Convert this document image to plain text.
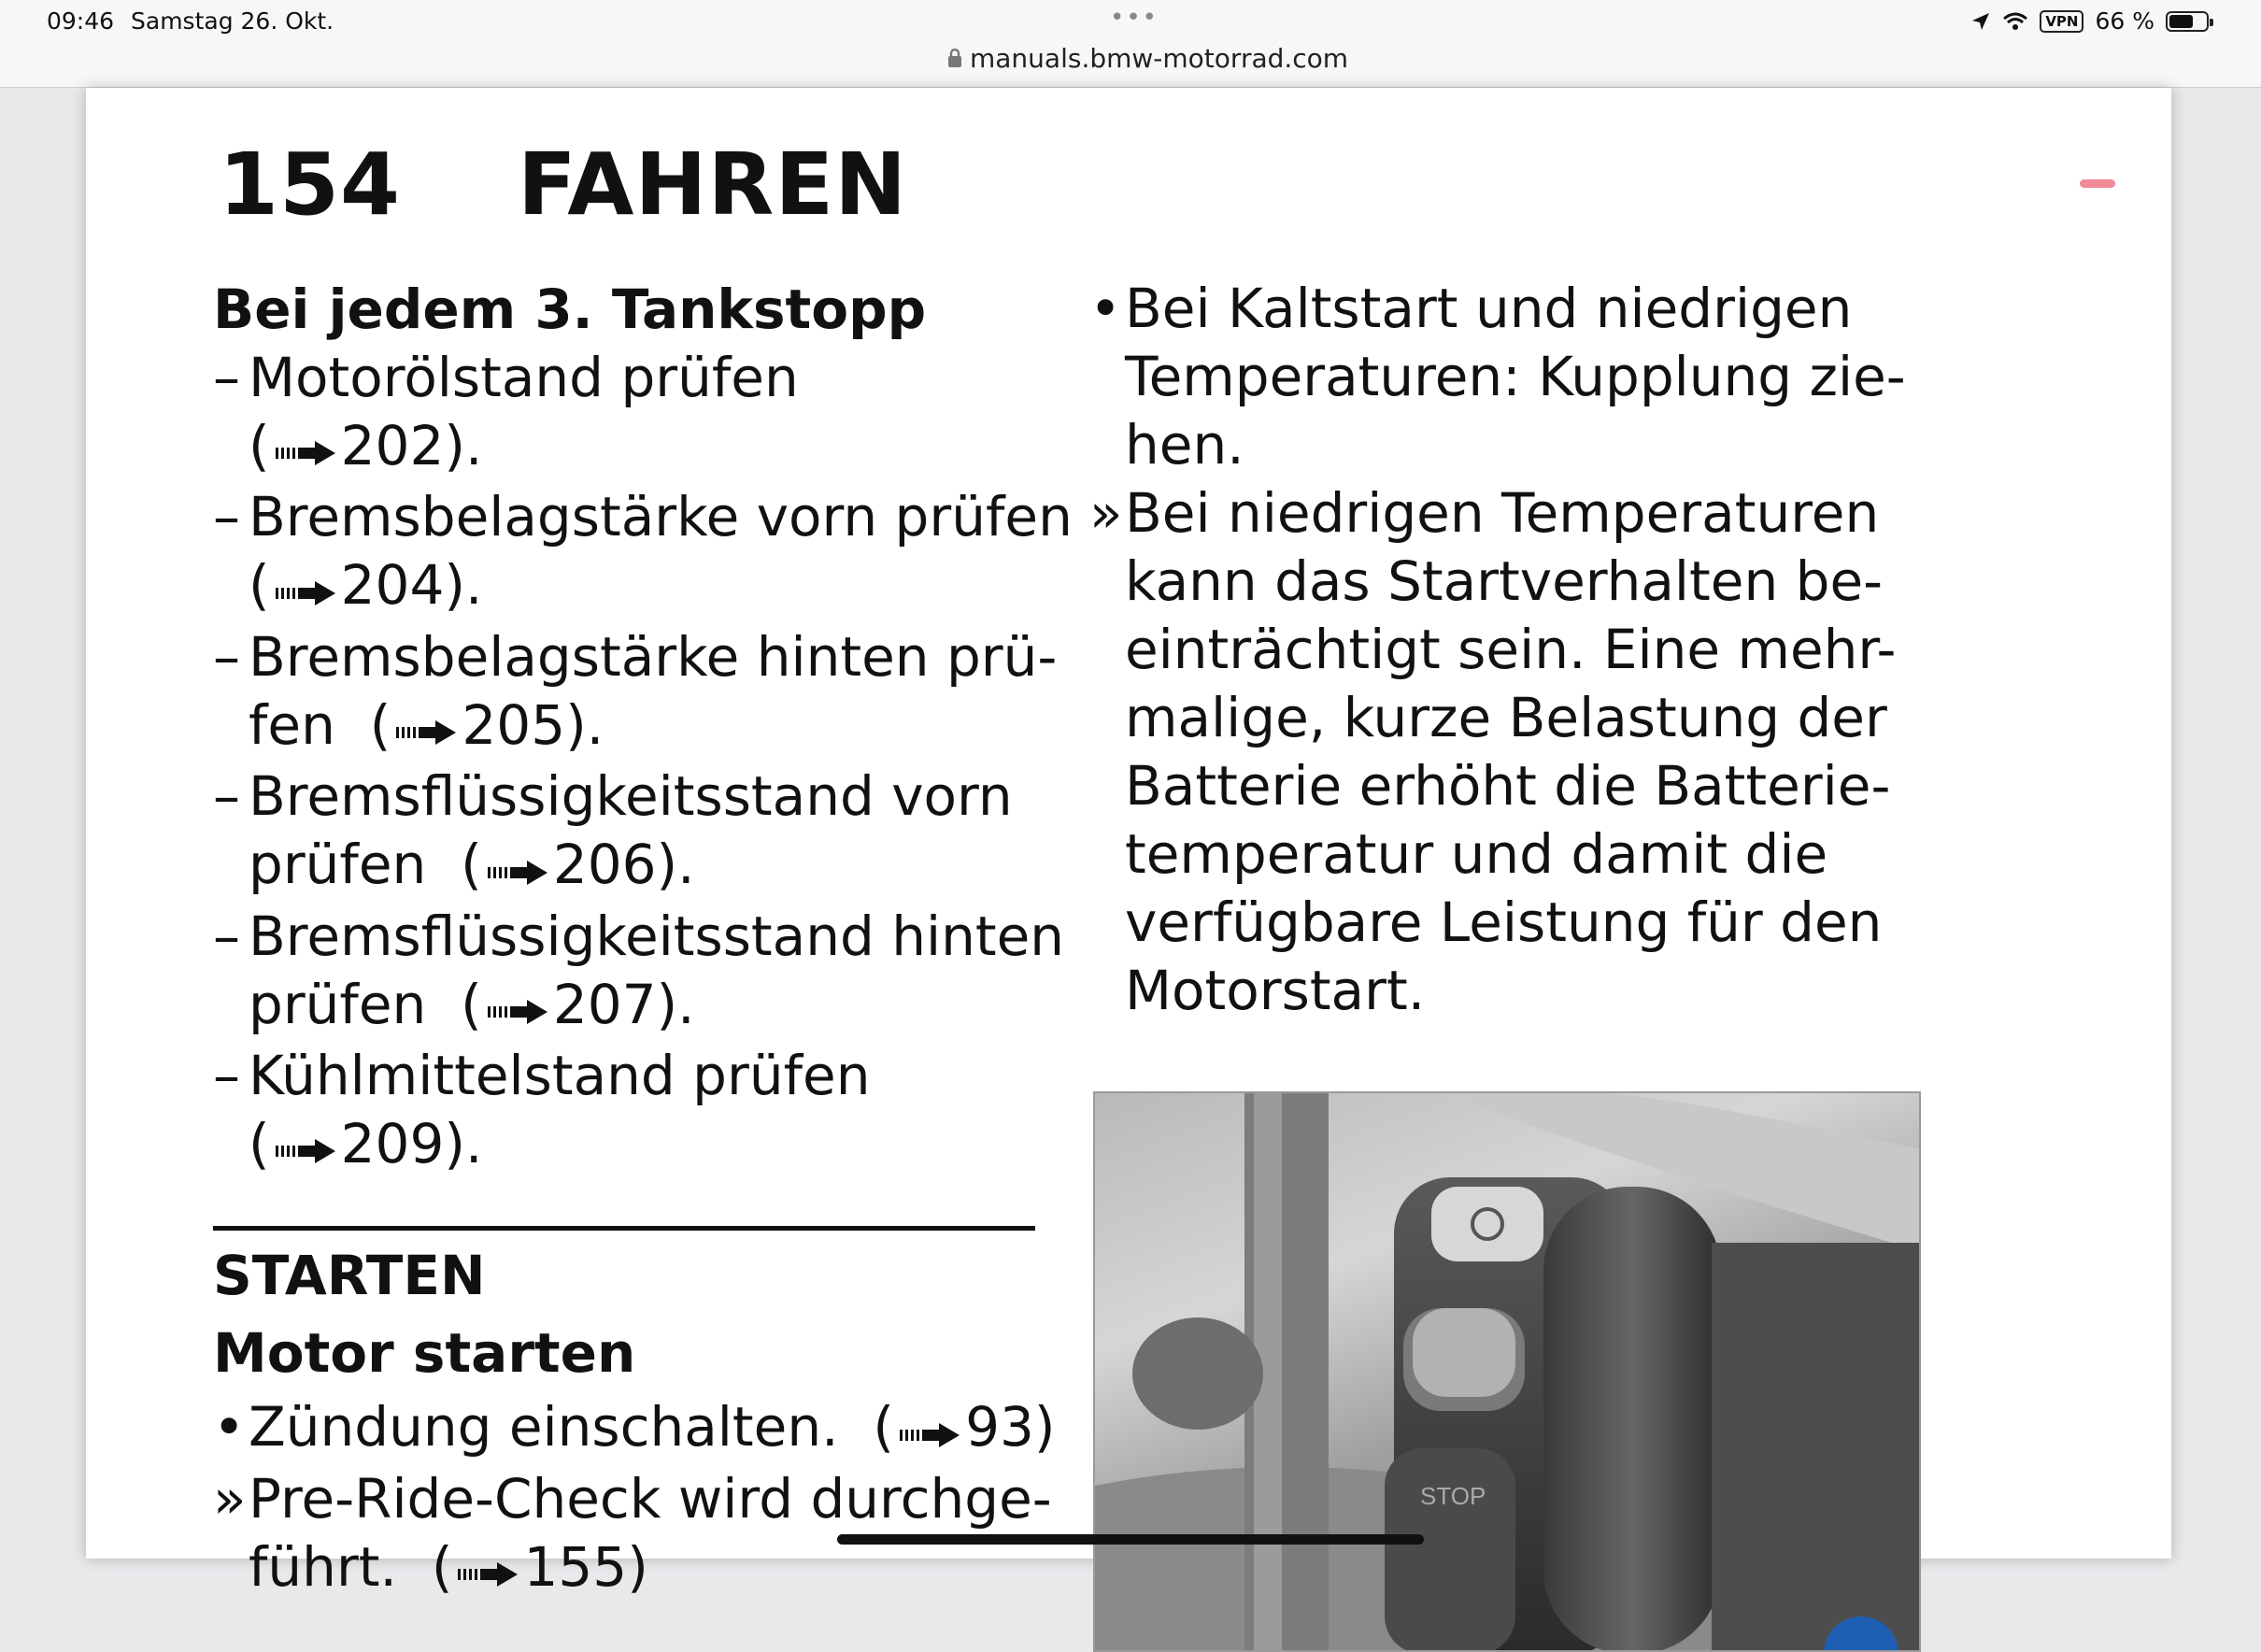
09:46 Samstag 26. Okt.	•••
manuals.bmw-motorrad.com
VPN 66 %
154 FAHREN
Bei jedem 3. Tankstopp
– Motorölstand prüfen
( 202).
– Bremsbelagstärke vorn prüfen
( 204).
– Bremsbelagstärke hinten prü-
fen ( 205).
– Bremsflüssigkeitsstand vorn
prüfen ( 206).
– Bremsflüssigkeitsstand hinten
prüfen ( 207).
– Kühlmittelstand prüfen
( 209).
STARTEN
Motor starten
•Zündung einschalten. ( 93)
»Pre-Ride-Check wird durchge-
führt. ( 155)
•Bei Kaltstart und niedrigen
Temperaturen: Kupplung zie-
hen.
»Bei niedrigen Temperaturen
kann das Startverhalten be-
einträchtigt sein. Eine mehr-
malige, kurze Belastung der
Batterie erhöht die Batterie-
temperatur und damit die
verfügbare Leistung für den
Motorstart.
STOP
